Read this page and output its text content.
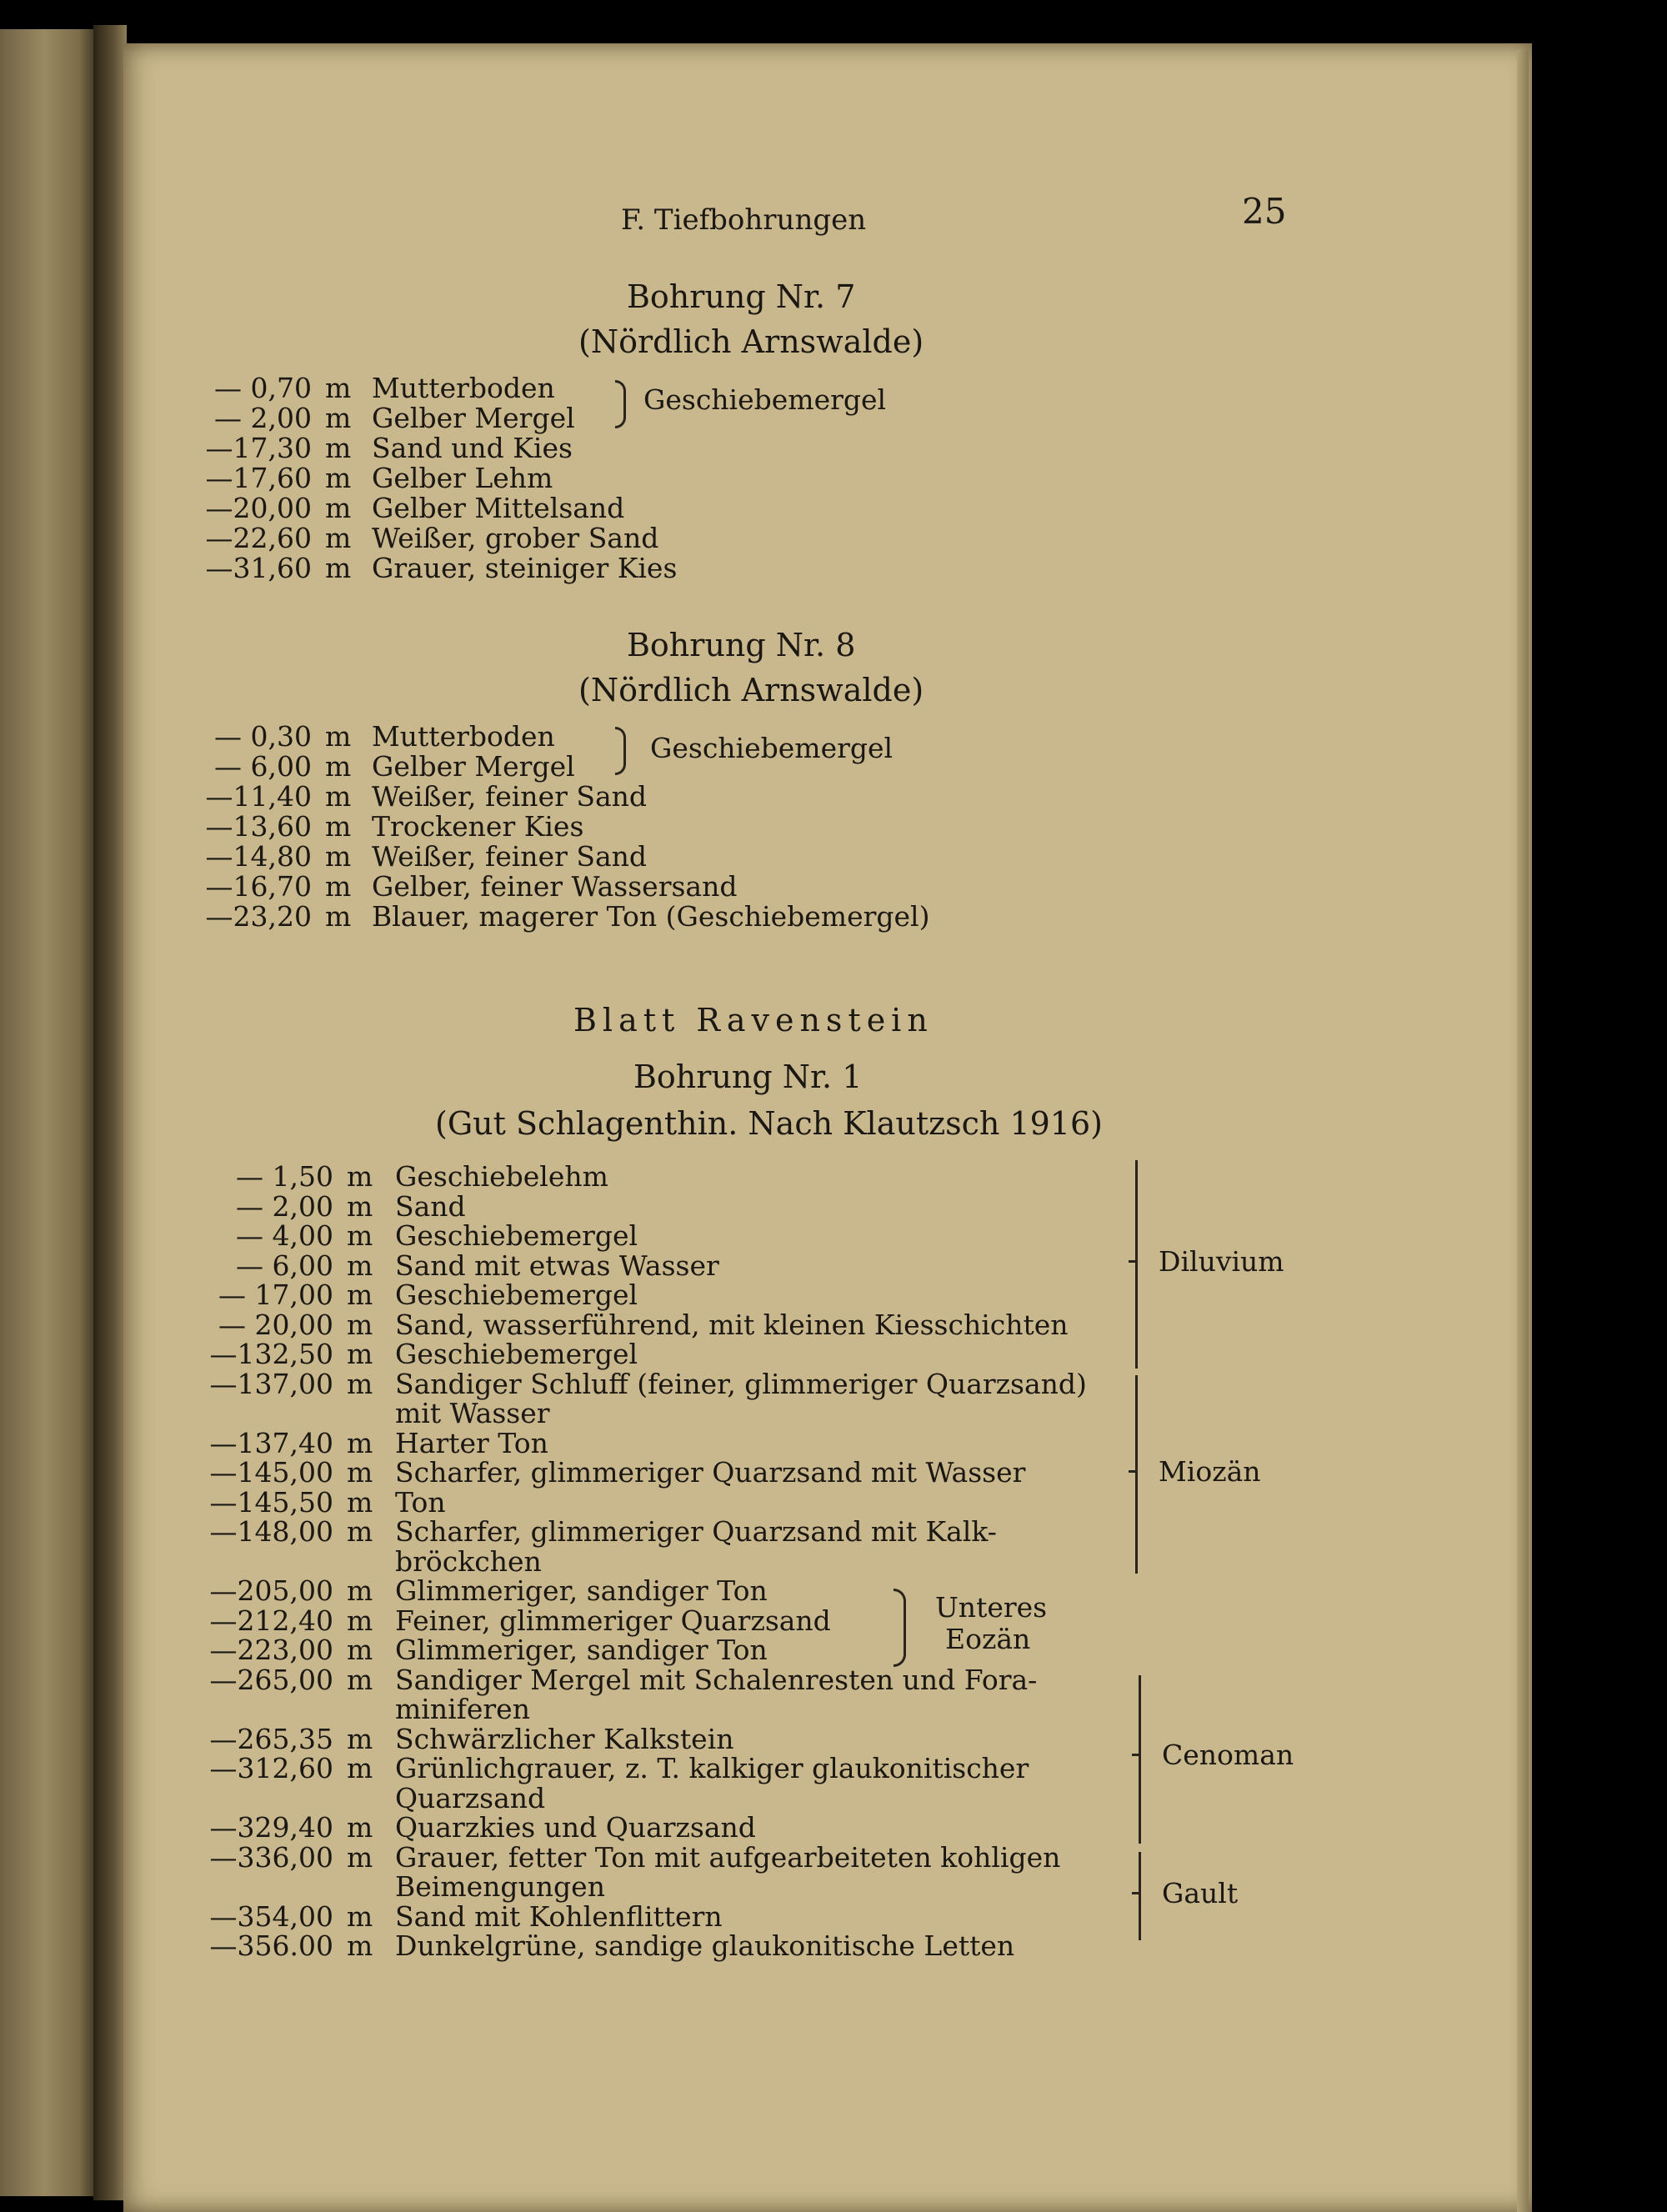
F. Tiefbohrungen	25
Bohrung Nr. 7
(Nördlich Arnswalde)
— 0,70 m Mutterboden
— 2,00 m Gelber Mergel
—17,30 m Sand und Kies
—17,60 m Gelber Lehm
—20,00 m Gelber Mittelsand
—22,60 m Weißer, grober Sand
—31,60 m Grauer, steiniger Kies
Geschiebemergel
Bohrung Nr. 8
(Nördlich Arnswalde)
— 0,30 m Mutterboden
— 6,00 m Gelber Mergel
—11,40 m Weißer, feiner Sand
—13,60 m Trockener Kies
—14,80 m Weißer, feiner Sand
—16,70 m Gelber, feiner Wassersand
—23,20 m Blauer, magerer Ton (Geschiebemergel)
Geschiebemergel
Blatt Ravenstein
Bohrung Nr. 1
(Gut Schlagenthin. Nach Klautzsch 1916)
— 1,50 m Geschiebelehm
— 2,00 m Sand
— 4,00 m Geschiebemergel
— 6,00 m Sand mit etwas Wasser
— 17,00 m Geschiebemergel
— 20,00 m Sand, wasserführend, mit kleinen Kiesschichten
—132,50 m Geschiebemergel
—137,00 m Sandiger Schluff (feiner, glimmeriger Quarzsand)
mit Wasser
—137,40 m Harter Ton
—145,00 m Scharfer, glimmeriger Quarzsand mit Wasser
—145,50 m Ton
—148,00 m Scharfer, glimmeriger Quarzsand mit Kalk-
bröckchen
—205,00 m Glimmeriger, sandiger Ton
—212,40 m Feiner, glimmeriger Quarzsand
—223,00 m Glimmeriger, sandiger Ton
—265,00 m Sandiger Mergel mit Schalenresten und Fora-
miniferen
—265,35 m Schwärzlicher Kalkstein
—312,60 m Grünlichgrauer, z. T. kalkiger glaukonitischer
Quarzsand
—329,40 m Quarzkies und Quarzsand
—336,00 m Grauer, fetter Ton mit aufgearbeiteten kohligen
Beimengungen
—354,00 m Sand mit Kohlenflittern
—356.00 m Dunkelgrüne, sandige glaukonitische Letten
Diluvium
Miozän
Unteres
Eozän
Cenoman
Gault
